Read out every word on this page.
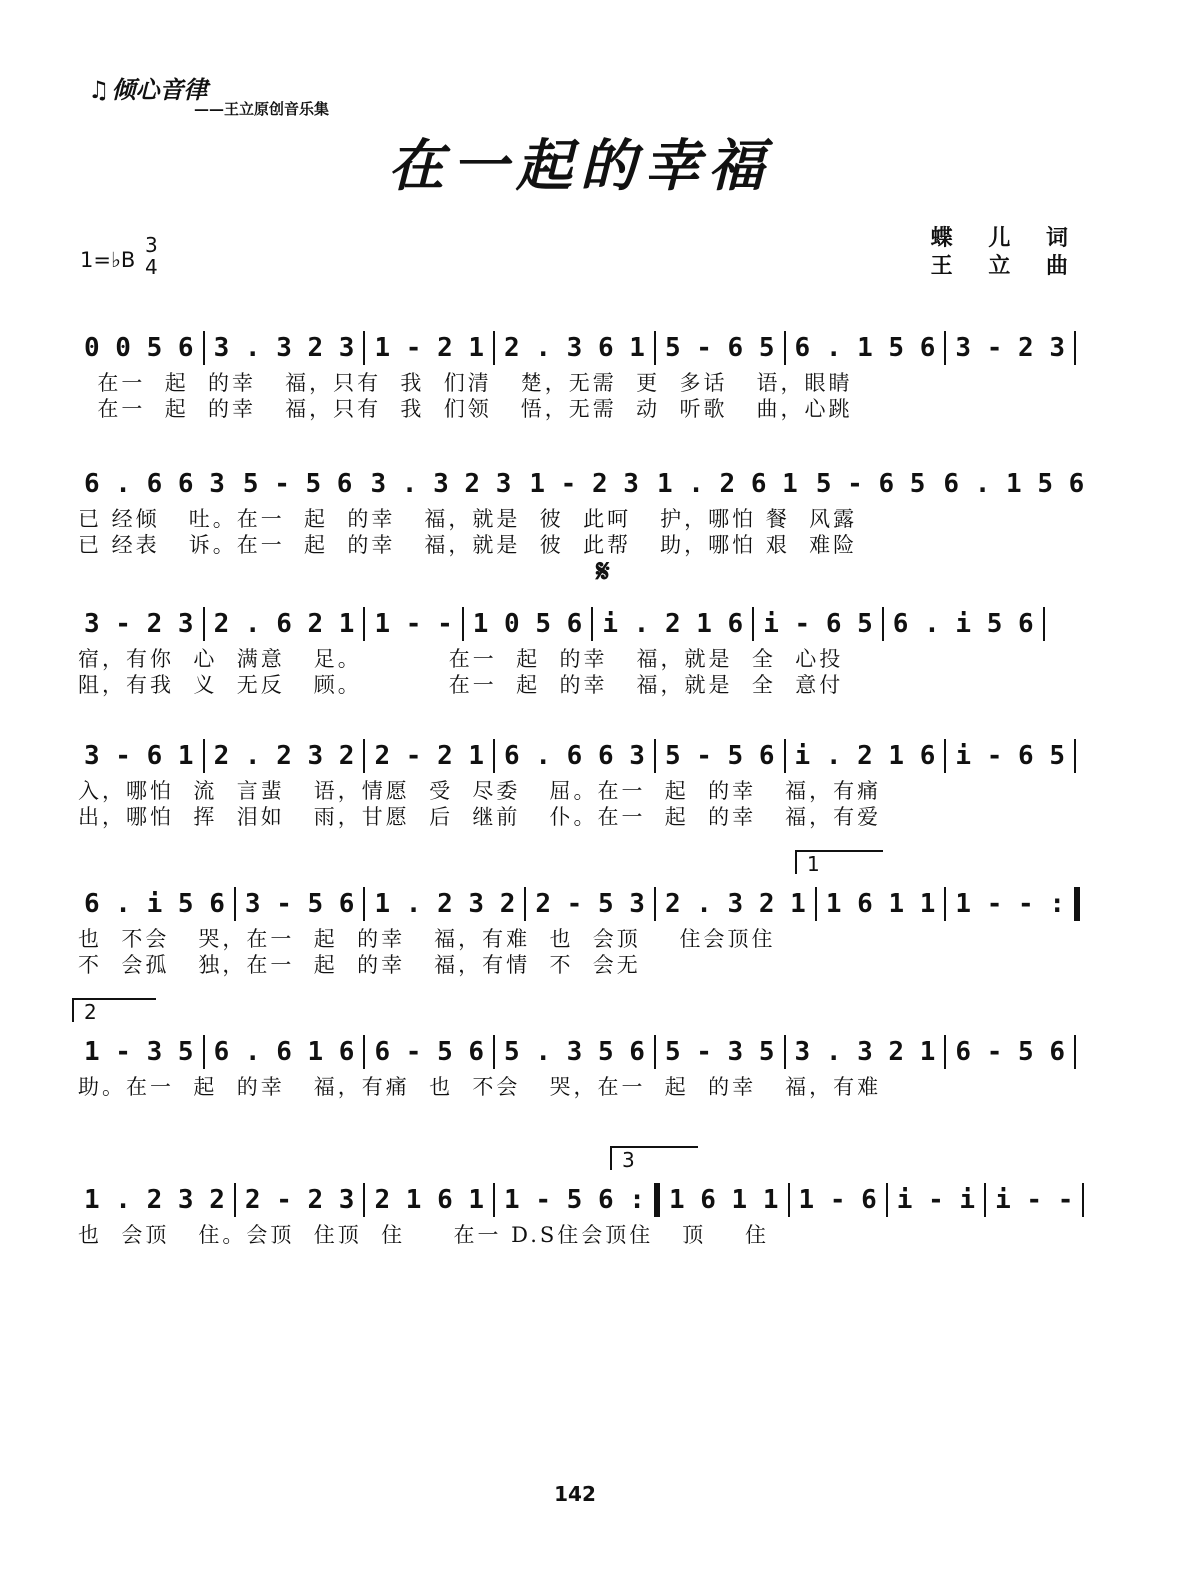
♫倾心音律
——王立原创音乐集
在一起的幸福
1=♭B
3
4
蝶 儿 词
王 立 曲
0 0 5 6 3 . 3 2 3 1 - 2 1 2 . 3 6 1 5 - 6 5 6 . 1 5 6 3 - 2 3
在一  起  的幸   福，只有  我  们清   楚，无需  更  多话   语，眼睛
在一  起  的幸   福，只有  我  们领   悟，无需  动  听歌   曲，心跳
6 . 6 6 3 5 - 5 6 3 . 3 2 3 1 - 2 3 1 . 2 6 1 5 - 6 5 6 . 1 5 6
已 经倾   吐。在一  起  的幸   福，就是  彼  此呵   护，哪怕 餐  风露
已 经表   诉。在一  起  的幸   福，就是  彼  此帮   助，哪怕 艰  难险
3 - 2 3 2 . 6 2 1 1 - - 1 0 5 6 i . 2 1 6 i - 6 5 6 . i 5 6
宿，有你  心  满意   足。         在一  起  的幸   福，就是  全  心投
阻，有我  义  无反   顾。         在一  起  的幸   福，就是  全  意付
3 - 6 1 2 . 2 3 2 2 - 2 1 6 . 6 6 3 5 - 5 6 i . 2 1 6 i - 6 5
入，哪怕  流  言蜚   语，情愿  受  尽委   屈。在一  起  的幸   福，有痛
出，哪怕  挥  泪如   雨，甘愿  后  继前   仆。在一  起  的幸   福，有爱
6 . i 5 6 3 - 5 6 1 . 2 3 2 2 - 5 3 2 . 3 2 1 1 6 1 1 1 - - :
也  不会   哭，在一  起  的幸   福，有难  也  会顶    住会顶住
不  会孤   独，在一  起  的幸   福，有情  不  会无
1
1 - 3 5 6 . 6 1 6 6 - 5 6 5 . 3 5 6 5 - 3 5 3 . 3 2 1 6 - 5 6
助。在一  起  的幸   福，有痛  也  不会   哭，在一  起  的幸   福，有难
2
1 . 2 3 2 2 - 2 3 2 1 6 1 1 - 5 6 : 1 6 1 1 1 - 6 i - i i - -
也  会顶   住。会顶  住顶  住     在一 D.S住会顶住   顶    住
3
𝄋
142
